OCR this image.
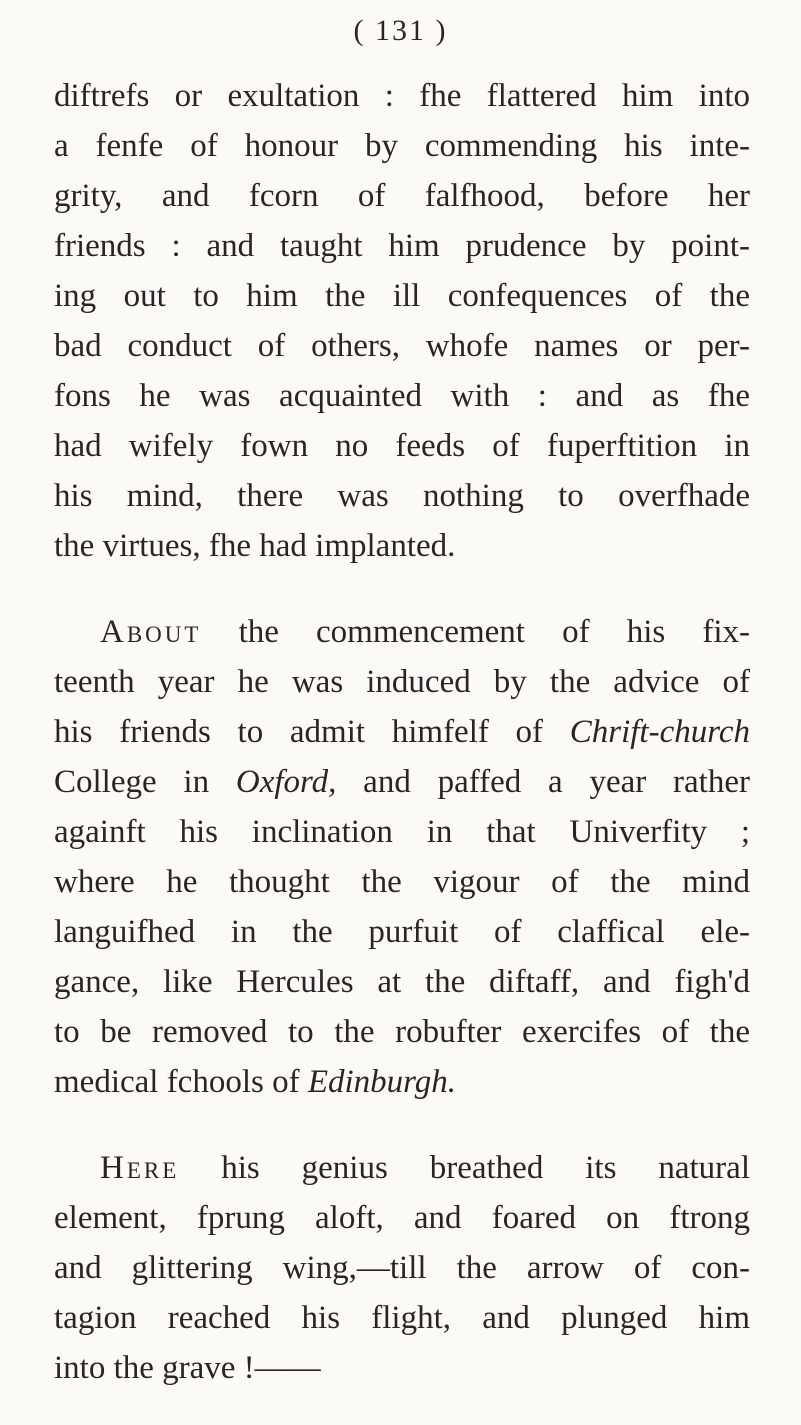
( 131 )
diftrefs or exultation : fhe flattered him into
a fenfe of honour by commending his inte-
grity, and fcorn of falfhood, before her
friends : and taught him prudence by point-
ing out to him the ill confequences of the
bad conduct of others, whofe names or per-
fons he was acquainted with : and as fhe
had wifely fown no feeds of fuperftition in
his mind, there was nothing to overfhade
the virtues, fhe had implanted.
About the commencement of his fix-
teenth year he was induced by the advice of
his friends to admit himfelf of Chrift-church
College in Oxford, and paffed a year rather
againft his inclination in that Univerfity ;
where he thought the vigour of the mind
languifhed in the purfuit of claffical ele-
gance, like Hercules at the diftaff, and figh'd
to be removed to the robufter exercifes of the
medical fchools of Edinburgh.
Here his genius breathed its natural
element, fprung aloft, and foared on ftrong
and glittering wing,—till the arrow of con-
tagion reached his flight, and plunged him
into the grave !——
